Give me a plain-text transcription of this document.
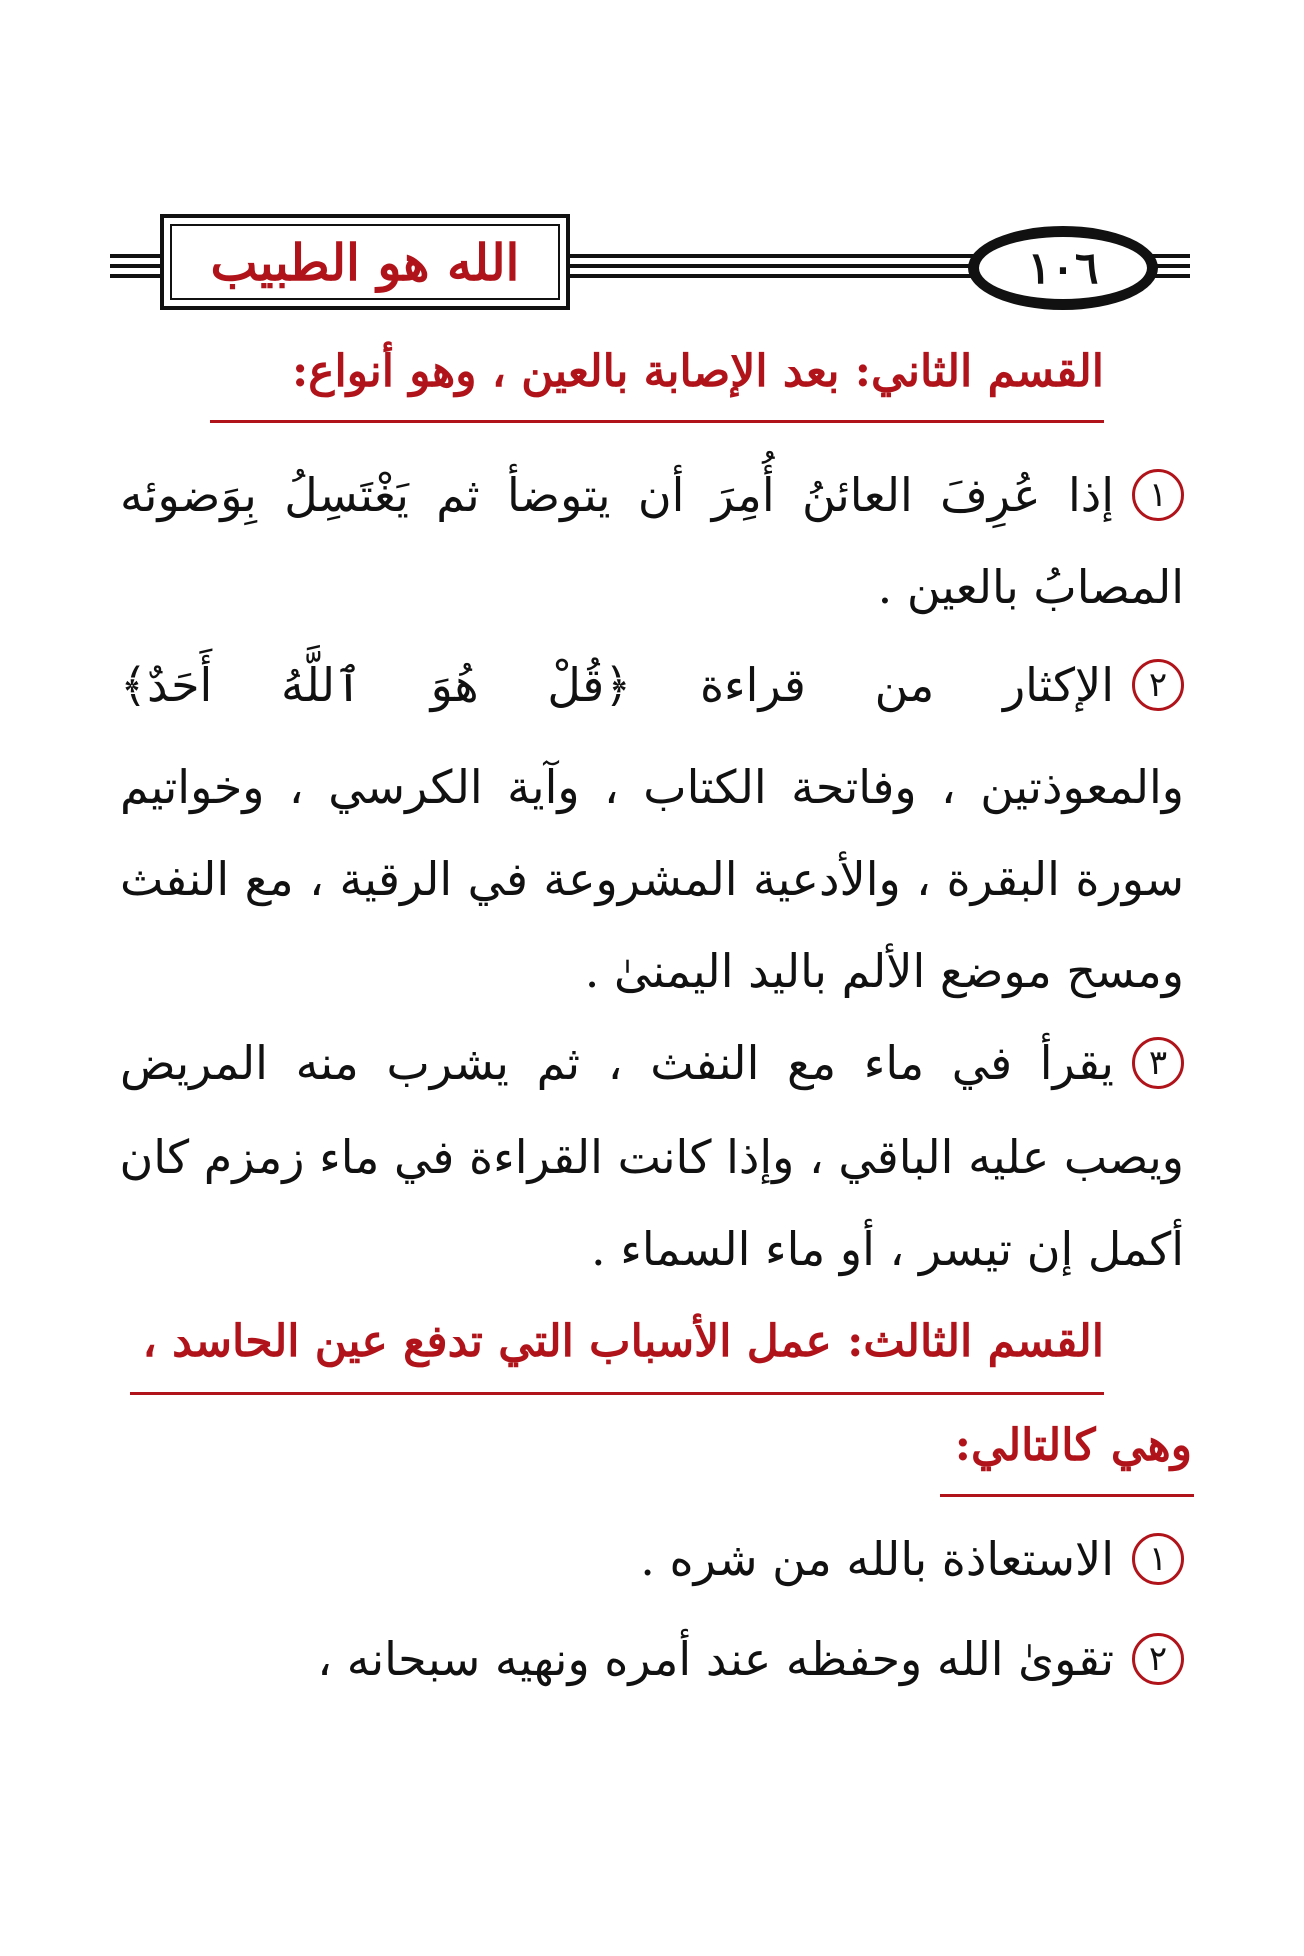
الله هو الطبيب	١٠٦
القسم الثاني: بعد الإصابة بالعين ، وهو أنواع:
١إذا عُرِفَ العائنُ أُمِرَ أن يتوضأ ثم يَغْتَسِلُ بِوَضوئه
المصابُ بالعين .
٢الإكثار من قراءة ﴿قُلْ هُوَ ٱللَّهُ أَحَدٌ﴾
والمعوذتين ، وفاتحة الكتاب ، وآية الكرسي ، وخواتيم
سورة البقرة ، والأدعية المشروعة في الرقية ، مع النفث
ومسح موضع الألم باليد اليمنىٰ .
٣يقرأ في ماء مع النفث ، ثم يشرب منه المريض
ويصب عليه الباقي ، وإذا كانت القراءة في ماء زمزم كان
أكمل إن تيسر ، أو ماء السماء .
القسم الثالث: عمل الأسباب التي تدفع عين الحاسد ،
وهي كالتالي:
١الاستعاذة بالله من شره .
٢تقوىٰ الله وحفظه عند أمره ونهيه سبحانه ،
